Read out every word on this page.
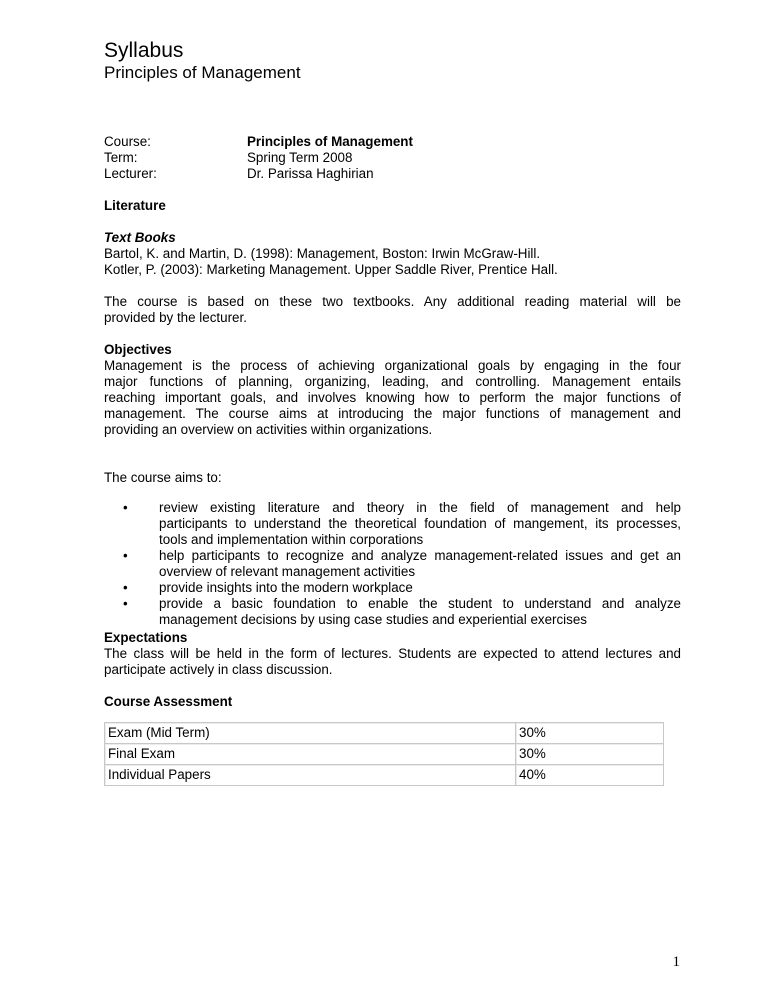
Syllabus
Principles of Management
Course:	Principles of Management
Term:	Spring Term 2008
Lecturer:	Dr. Parissa Haghirian
Literature
Text Books
Bartol, K. and Martin, D. (1998): Management, Boston: Irwin McGraw-Hill.
Kotler, P. (2003): Marketing Management. Upper Saddle River, Prentice Hall.
The course is based on these two textbooks. Any additional reading material will be
provided by the lecturer.
Objectives
Management is the process of achieving organizational goals by engaging in the four
major functions of planning, organizing, leading, and controlling. Management entails
reaching important goals, and involves knowing how to perform the major functions of
management. The course aims at introducing the major functions of management and
providing an overview on activities within organizations.
The course aims to:
• review existing literature and theory in the field of management and help
participants to understand the theoretical foundation of mangement, its processes,
tools and implementation within corporations
• help participants to recognize and analyze management-related issues and get an
overview of relevant management activities
• provide insights into the modern workplace
• provide a basic foundation to enable the student to understand and analyze
management decisions by using case studies and experiential exercises
Expectations
The class will be held in the form of lectures. Students are expected to attend lectures and
participate actively in class discussion.
Course Assessment
Exam (Mid Term)	30%
Final Exam	30%
Individual Papers	40%
1
